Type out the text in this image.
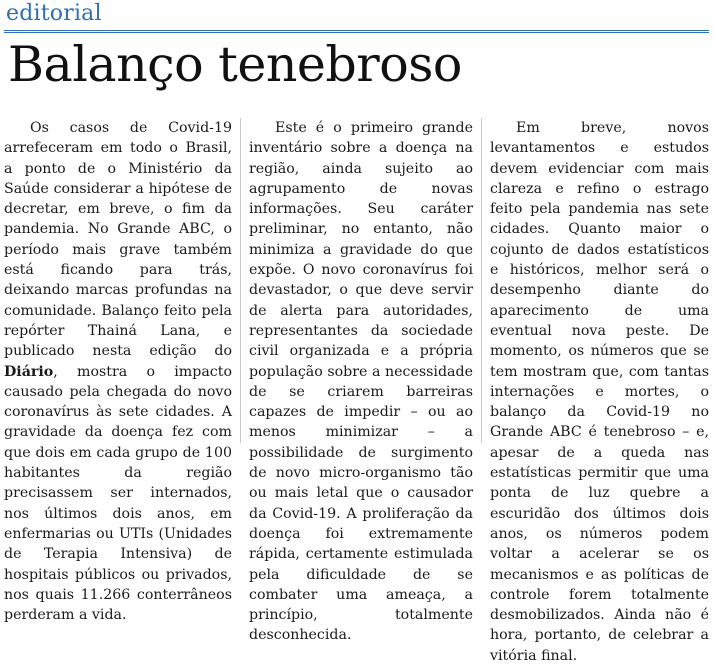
editorial
Balanço tenebroso

Os casos de Covid-19 arrefeceram em todo o Brasil, a ponto de o Ministério da Saúde considerar a hipótese de decretar, em breve, o fim da pandemia. No Grande ABC, o período mais grave também está ficando para trás, deixando marcas profundas na comunidade. Balanço feito pela repórter Thainá Lana, e publicado nesta edição do Diário, mostra o impacto causado pela chegada do novo coronavírus às sete cidades. A gravidade da doença fez com que dois em cada grupo de 100 habitantes da região precisassem ser internados, nos últimos dois anos, em enfermarias ou UTIs (Unidades de Terapia Intensiva) de hospitais públicos ou privados, nos quais 11.266 conterrâneos perderam a vida.

Este é o primeiro grande inventário sobre a doença na região, ainda sujeito ao agrupamento de novas informações. Seu caráter preliminar, no entanto, não minimiza a gravidade do que expõe. O novo coronavírus foi devastador, o que deve servir de alerta para autoridades, representantes da sociedade civil organizada e a própria população sobre a necessidade de se criarem barreiras capazes de impedir – ou ao menos minimizar – a possibilidade de surgimento de novo micro-organismo tão ou mais letal que o causador da Covid-19. A proliferação da doença foi extremamente rápida, certamente estimulada pela dificuldade de se combater uma ameaça, a princípio, totalmente desconhecida.

Em breve, novos levantamentos e estudos devem evidenciar com mais clareza e refino o estrago feito pela pandemia nas sete cidades. Quanto maior o cojunto de dados estatísticos e históricos, melhor será o desempenho diante do aparecimento de uma eventual nova peste. De momento, os números que se tem mostram que, com tantas internações e mortes, o balanço da Covid-19 no Grande ABC é tenebroso – e, apesar de a queda nas estatísticas permitir que uma ponta de luz quebre a escuridão dos últimos dois anos, os números podem voltar a acelerar se os mecanismos e as políticas de controle forem totalmente desmobilizados. Ainda não é hora, portanto, de celebrar a vitória final.
